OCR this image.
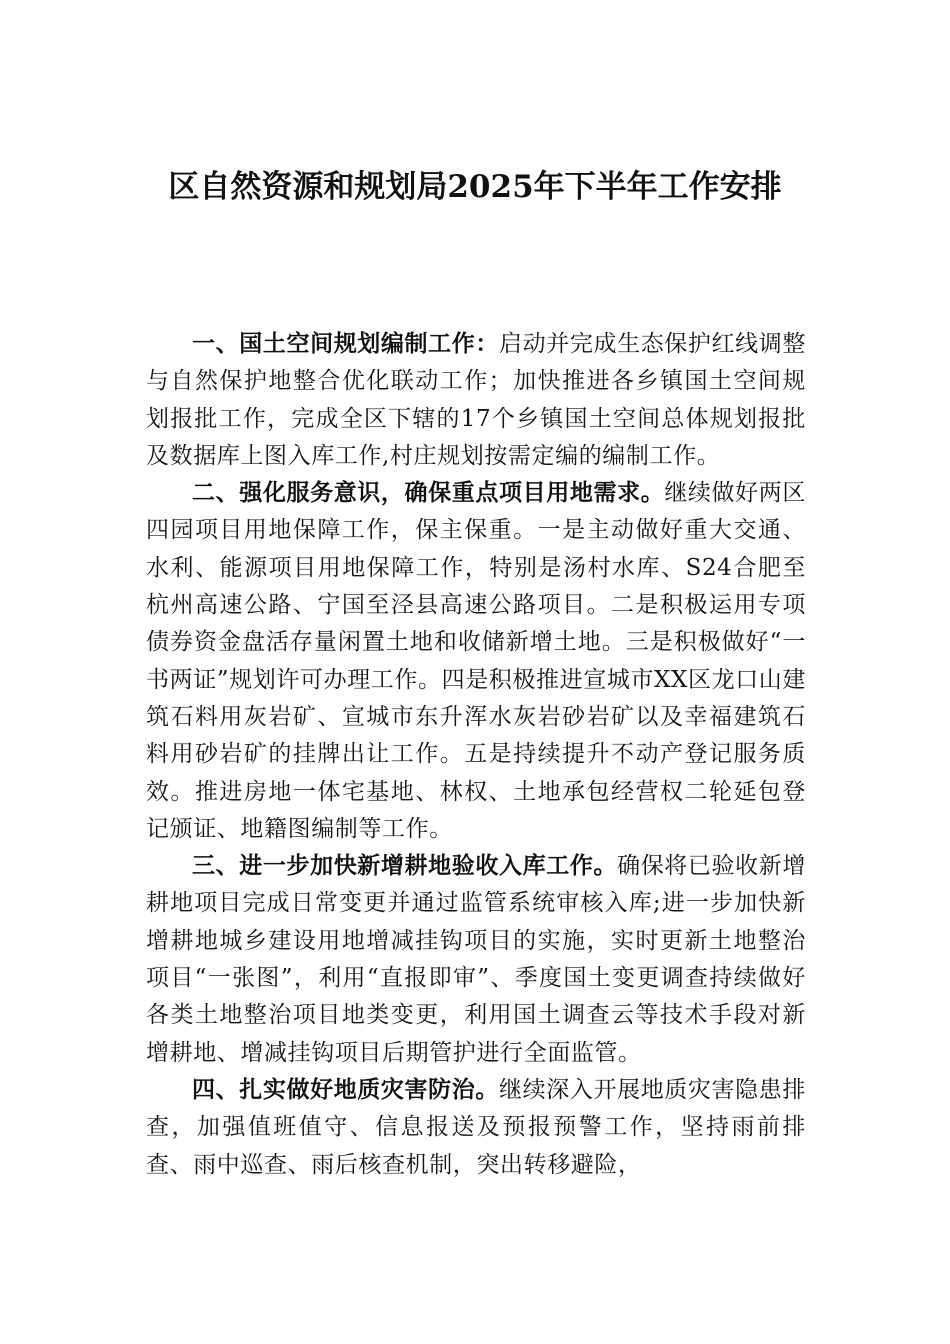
区自然资源和规划局2025年下半年工作安排

一、国土空间规划编制工作：启动并完成生态保护红线调整与自然保护地整合优化联动工作；加快推进各乡镇国土空间规划报批工作，完成全区下辖的17个乡镇国土空间总体规划报批及数据库上图入库工作,村庄规划按需定编的编制工作。

二、强化服务意识，确保重点项目用地需求。继续做好两区四园项目用地保障工作，保主保重。一是主动做好重大交通、水利、能源项目用地保障工作，特别是汤村水库、S24合肥至杭州高速公路、宁国至泾县高速公路项目。二是积极运用专项债券资金盘活存量闲置土地和收储新增土地。三是积极做好“一书两证”规划许可办理工作。四是积极推进宣城市XX区龙口山建筑石料用灰岩矿、宣城市东升浑水灰岩砂岩矿以及幸福建筑石料用砂岩矿的挂牌出让工作。五是持续提升不动产登记服务质效。推进房地一体宅基地、林权、土地承包经营权二轮延包登记颁证、地籍图编制等工作。

三、进一步加快新增耕地验收入库工作。确保将已验收新增耕地项目完成日常变更并通过监管系统审核入库;进一步加快新增耕地城乡建设用地增减挂钩项目的实施，实时更新土地整治项目“一张图”，利用“直报即审”、季度国土变更调查持续做好各类土地整治项目地类变更，利用国土调查云等技术手段对新增耕地、增减挂钩项目后期管护进行全面监管。

四、扎实做好地质灾害防治。继续深入开展地质灾害隐患排查，加强值班值守、信息报送及预报预警工作，坚持雨前排查、雨中巡查、雨后核查机制，突出转移避险，
